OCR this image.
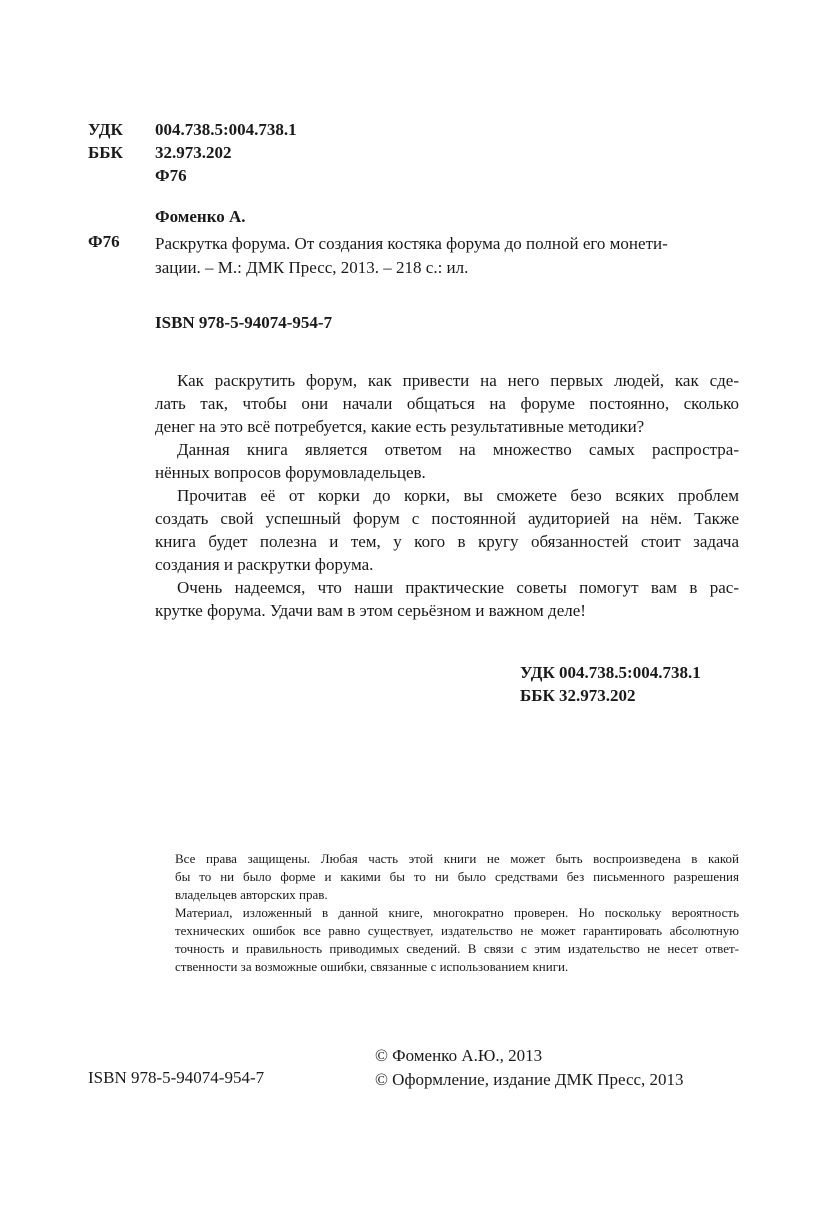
УДК	004.738.5:004.738.1
ББК	32.973.202
Ф76
Фоменко А.
Ф76 Раскрутка форума. От создания костяка форума до полной его монети-
зации. – М.: ДМК Пресс, 2013. – 218 с.: ил.
ISBN 978-5-94074-954-7

Как раскрутить форум, как привести на него первых людей, как сде-
лать так, чтобы они начали общаться на форуме постоянно, сколько
денег на это всё потребуется, какие есть результативные методики?

Данная книга является ответом на множество самых распростра-
нённых вопросов форумовладельцев.

Прочитав её от корки до корки, вы сможете безо всяких проблем
создать свой успешный форум с постоянной аудиторией на нём. Также
книга будет полезна и тем, у кого в кругу обязанностей стоит задача
создания и раскрутки форума.

Очень надеемся, что наши практические советы помогут вам в рас-
крутке форума. Удачи вам в этом серьёзном и важном деле!

УДК 004.738.5:004.738.1
ББК 32.973.202
Все права защищены. Любая часть этой книги не может быть воспроизведена в какой
бы то ни было форме и какими бы то ни было средствами без письменного разрешения
владельцев авторских прав.
Материал, изложенный в данной книге, многократно проверен. Но поскольку вероятность
технических ошибок все равно существует, издательство не может гарантировать абсолютную
точность и правильность приводимых сведений. В связи с этим издательство не несет ответ-
ственности за возможные ошибки, связанные с использованием книги.
© Фоменко А.Ю., 2013
© Оформление, издание ДМК Пресс, 2013
ISBN 978-5-94074-954-7
